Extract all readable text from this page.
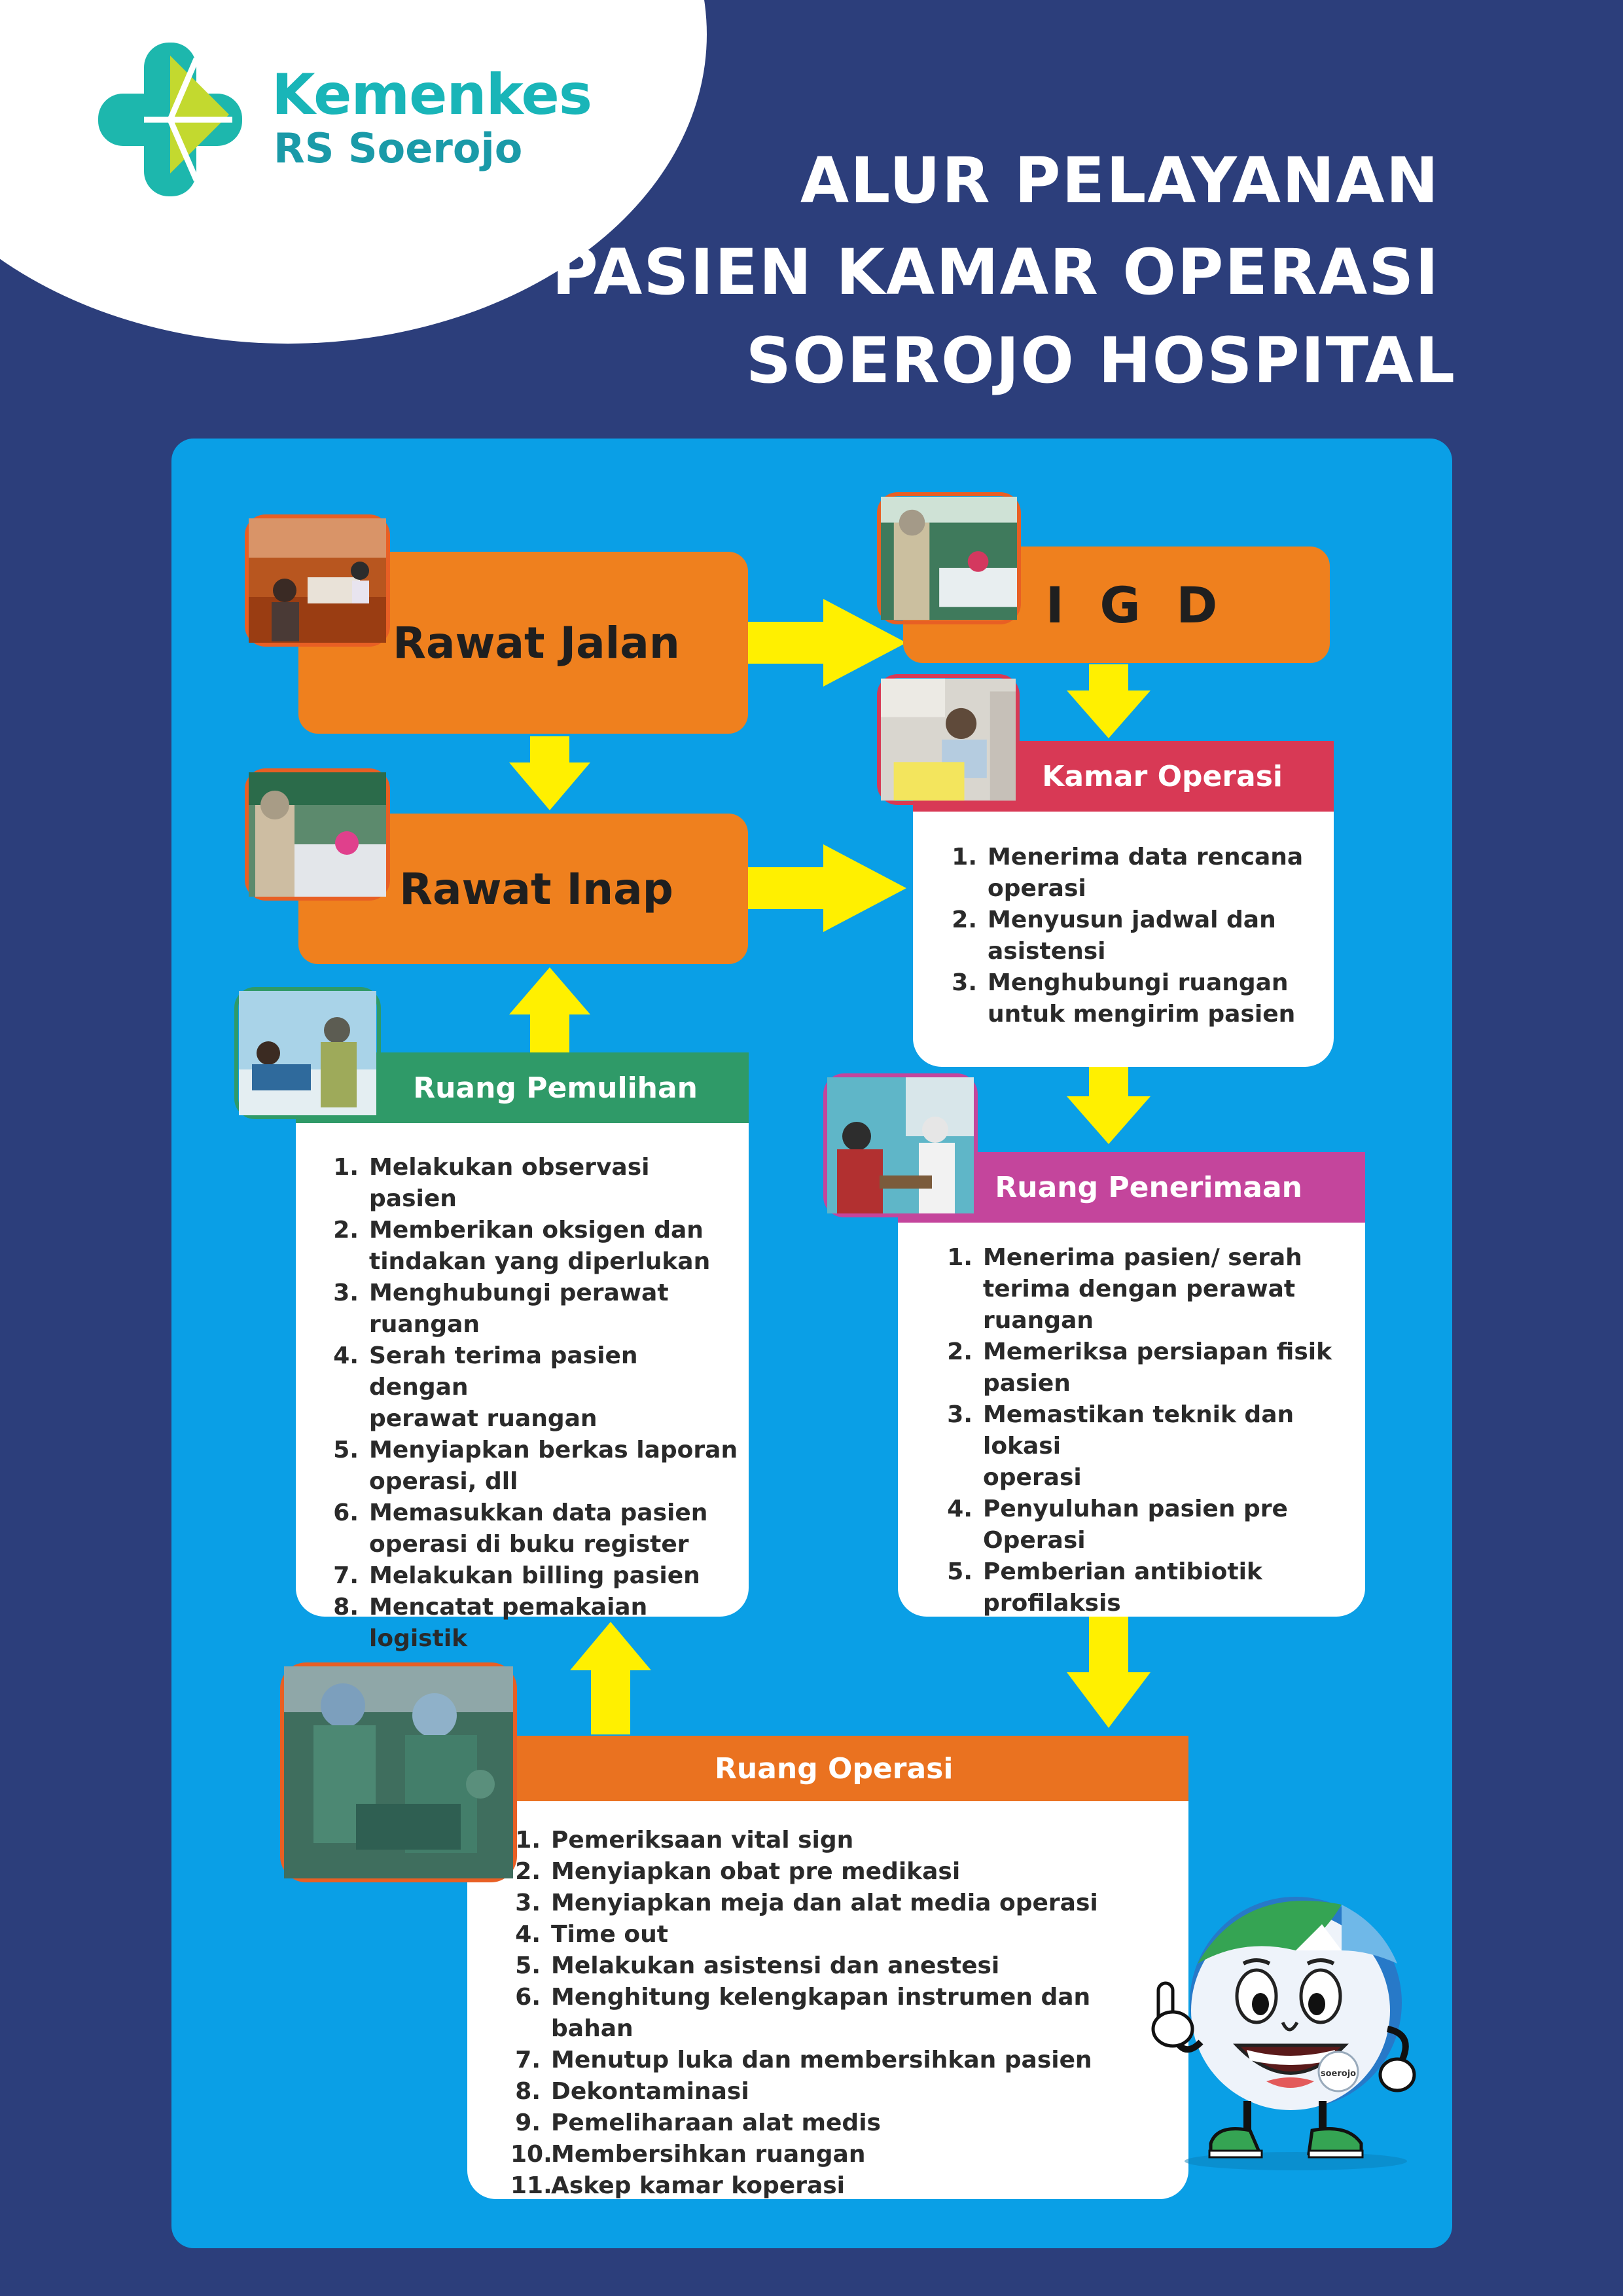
Kemenkes
RS Soerojo	ALUR PELAYANAN
PASIEN KAMAR OPERASI
SOEROJO HOSPITAL
Rawat Jalan
I G D
Rawat Inap
Kamar Operasi
1. Menerima data rencana
operasi
2. Menyusun jadwal dan
asistensi
3. Menghubungi ruangan
untuk mengirim pasien
Ruang Pemulihan
1. Melakukan observasi pasien
2. Memberikan oksigen dan
tindakan yang diperlukan
3. Menghubungi perawat
ruangan
4. Serah terima pasien dengan
perawat ruangan
5. Menyiapkan berkas laporan
operasi, dll
6. Memasukkan data pasien
operasi di buku register
7. Melakukan billing pasien
8. Mencatat pemakaian
logistik
Ruang Penerimaan
1. Menerima pasien/ serah
terima dengan perawat
ruangan
2. Memeriksa persiapan fisik
pasien
3. Memastikan teknik dan lokasi
operasi
4. Penyuluhan pasien pre
Operasi
5. Pemberian antibiotik
profilaksis
Ruang Operasi
1. Pemeriksaan vital sign
2. Menyiapkan obat pre medikasi
3. Menyiapkan meja dan alat media operasi
4. Time out
5. Melakukan asistensi dan anestesi
6. Menghitung kelengkapan instrumen dan bahan
7. Menutup luka dan membersihkan pasien
8. Dekontaminasi
9. Pemeliharaan alat medis
10.
Membersihkan ruangan
11.
Askep kamar koperasi
soerojo
